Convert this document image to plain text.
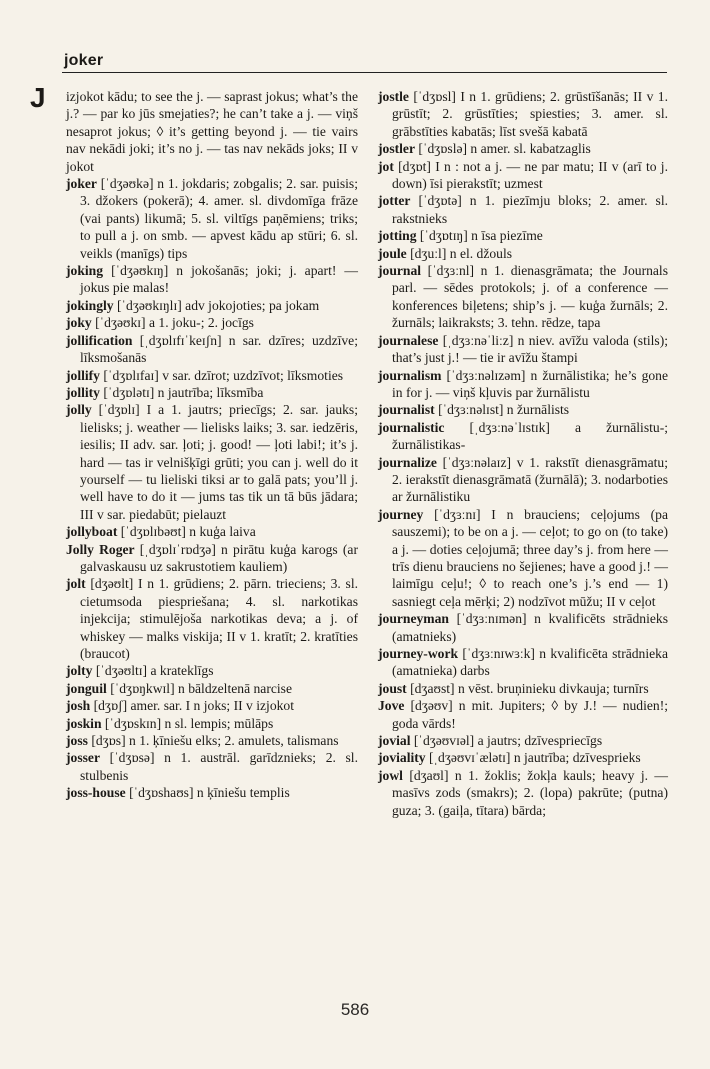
joker
J izjokot kādu; to see the j. — saprast jokus; what’s the j.? — par ko jūs smejaties?; he can’t take a j. — viņš nesaprot jokus; ◊ it’s getting beyond j. — tie vairs nav nekādi joki; it’s no j. — tas nav nekāds joks; II v jokot

joker [ˈdʒəʊkə] n 1. jokdaris; zobgalis; 2. sar. puisis; 3. džokers (pokerā); 4. amer. sl. divdomīga frāze (vai pants) likumā; 5. sl. viltīgs paņēmiens; triks; to pull a j. on smb. — apvest kādu ap stūri; 6. sl. veikls (manīgs) tips

joking [ˈdʒəʊkɪŋ] n jokošanās; joki; j. apart! — jokus pie malas!

jokingly [ˈdʒəʊkɪŋlɪ] adv jokojoties; pa jokam

joky [ˈdʒəʊkɪ] a 1. joku-; 2. jocīgs

jollification [ˌdʒɒlɪfɪˈkeɪʃn] n sar. dzīres; uzdzīve; līksmošanās

jollify [ˈdʒɒlɪfaɪ] v sar. dzīrot; uzdzīvot; līksmoties

jollity [ˈdʒɒlətɪ] n jautrība; līksmība

jolly [ˈdʒɒlɪ] I a 1. jautrs; priecīgs; 2. sar. jauks; lielisks; j. weather — lielisks laiks; 3. sar. iedzēris, iesilis; II adv. sar. ļoti; j. good! — ļoti labi!; it’s j. hard — tas ir velnišķīgi grūti; you can j. well do it yourself — tu lieliski tiksi ar to galā pats; you’ll j. well have to do it — jums tas tik un tā būs jādara; III v sar. piedabūt; pielauzt

jollyboat [ˈdʒɒlɪbəʊt] n kuģa laiva

Jolly Roger [ˌdʒɒlɪˈrɒdʒə] n pirātu kuģa karogs (ar galvaskausu uz sakrustotiem kauliem)

jolt [dʒəʊlt] I n 1. grūdiens; 2. pārn. trieciens; 3. sl. cietumsoda piespriešana; 4. sl. narkotikas injekcija; stimulējoša narkotikas deva; a j. of whiskey — malks viskija; II v 1. kratīt; 2. kratīties (braucot)

jolty [ˈdʒəʊltɪ] a krateklīgs

jonguil [ˈdʒɒŋkwɪl] n bāldzeltenā narcise

josh [dʒɒʃ] amer. sar. I n joks; II v izjokot

joskin [ˈdʒɒskɪn] n sl. lempis; mūlāps

joss [dʒɒs] n 1. ķīniešu elks; 2. amulets, talismans

josser [ˈdʒɒsə] n 1. austrāl. garīdznieks; 2. sl. stulbenis

joss-house [ˈdʒɒshaʊs] n ķīniešu templis

jostle [ˈdʒɒsl] I n 1. grūdiens; 2. grūstīšanās; II v 1. grūstīt; 2. grūstīties; spiesties; 3. amer. sl. grābstīties kabatās; līst svešā kabatā

jostler [ˈdʒɒslə] n amer. sl. kabatzaglis

jot [dʒɒt] I n : not a j. — ne par matu; II v (arī to j. down) īsi pierakstīt; uzmest

jotter [ˈdʒɒtə] n 1. piezīmju bloks; 2. amer. sl. rakstnieks

jotting [ˈdʒɒtɪŋ] n īsa piezīme

joule [dʒuːl] n el. džouls

journal [ˈdʒɜːnl] n 1. dienasgrāmata; the Journals parl. — sēdes protokols; j. of a conference — konferences biļetens; ship’s j. — kuģa žurnāls; 2. žurnāls; laikraksts; 3. tehn. rēdze, tapa

journalese [ˌdʒɜːnəˈliːz] n niev. avīžu valoda (stils); that’s just j.! — tie ir avīžu štampi

journalism [ˈdʒɜːnəlɪzəm] n žurnālistika; he’s gone in for j. — viņš kļuvis par žurnālistu

journalist [ˈdʒɜːnəlɪst] n žurnālists

journalistic [ˌdʒɜːnəˈlɪstɪk] a žurnālistu-; žurnālistikas-

journalize [ˈdʒɜːnəlaɪz] v 1. rakstīt dienasgrāmatu; 2. ierakstīt dienasgrāmatā (žurnālā); 3. nodarboties ar žurnālistiku

journey [ˈdʒɜːnɪ] I n brauciens; ceļojums (pa sauszemi); to be on a j. — ceļot; to go on (to take) a j. — doties ceļojumā; three day’s j. from here — trīs dienu brauciens no šejienes; have a good j.! — laimīgu ceļu!; ◊ to reach one’s j.’s end — 1) sasniegt ceļa mērķi; 2) nodzīvot mūžu; II v ceļot

journeyman [ˈdʒɜːnɪmən] n kvalificēts strādnieks (amatnieks)

journey-work [ˈdʒɜːnɪwɜːk] n kvalificēta strādnieka (amatnieka) darbs

joust [dʒaʊst] n vēst. bruņinieku divkauja; turnīrs

Jove [dʒəʊv] n mit. Jupiters; ◊ by J.! — nudien!; goda vārds!

jovial [ˈdʒəʊvɪəl] a jautrs; dzīvespriecīgs

joviality [ˌdʒəʊvɪˈælətɪ] n jautrība; dzīvesprieks

jowl [dʒaʊl] n 1. žoklis; žokļa kauls; heavy j. — masīvs zods (smakrs); 2. (lopa) pakrūte; (putna) guza; 3. (gaiļa, tītara) bārda;

586
